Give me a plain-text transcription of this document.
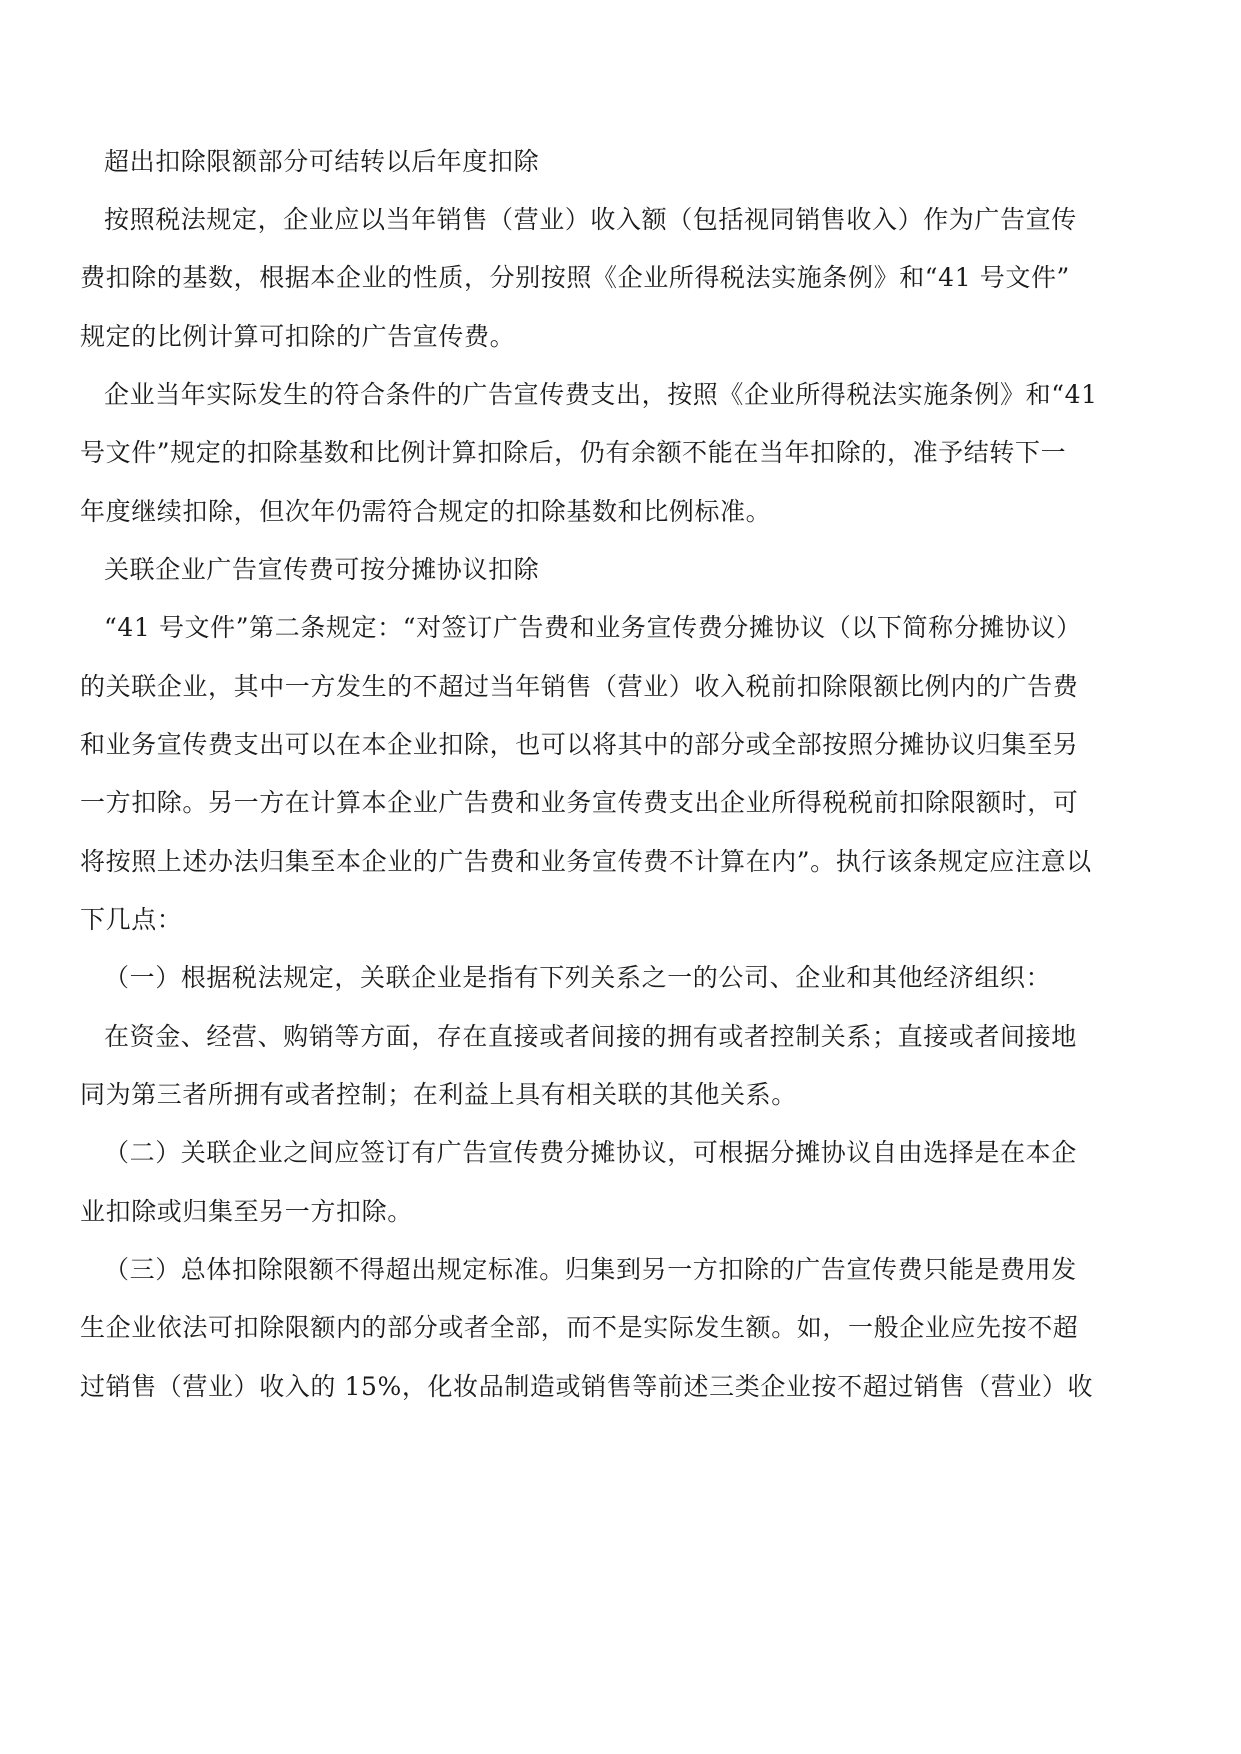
超出扣除限额部分可结转以后年度扣除

按照税法规定，企业应以当年销售（营业）收入额（包括视同销售收入）作为广告宣传

费扣除的基数，根据本企业的性质，分别按照《企业所得税法实施条例》和“41 号文件”

规定的比例计算可扣除的广告宣传费。

企业当年实际发生的符合条件的广告宣传费支出，按照《企业所得税法实施条例》和“41

号文件”规定的扣除基数和比例计算扣除后，仍有余额不能在当年扣除的，准予结转下一

年度继续扣除，但次年仍需符合规定的扣除基数和比例标准。

关联企业广告宣传费可按分摊协议扣除

“41 号文件”第二条规定：“对签订广告费和业务宣传费分摊协议（以下简称分摊协议）

的关联企业，其中一方发生的不超过当年销售（营业）收入税前扣除限额比例内的广告费

和业务宣传费支出可以在本企业扣除，也可以将其中的部分或全部按照分摊协议归集至另

一方扣除。另一方在计算本企业广告费和业务宣传费支出企业所得税税前扣除限额时，可

将按照上述办法归集至本企业的广告费和业务宣传费不计算在内”。执行该条规定应注意以

下几点：

（一）根据税法规定，关联企业是指有下列关系之一的公司、企业和其他经济组织：

在资金、经营、购销等方面，存在直接或者间接的拥有或者控制关系；直接或者间接地

同为第三者所拥有或者控制；在利益上具有相关联的其他关系。

（二）关联企业之间应签订有广告宣传费分摊协议，可根据分摊协议自由选择是在本企

业扣除或归集至另一方扣除。

（三）总体扣除限额不得超出规定标准。归集到另一方扣除的广告宣传费只能是费用发

生企业依法可扣除限额内的部分或者全部，而不是实际发生额。如，一般企业应先按不超

过销售（营业）收入的 15%，化妆品制造或销售等前述三类企业按不超过销售（营业）收
